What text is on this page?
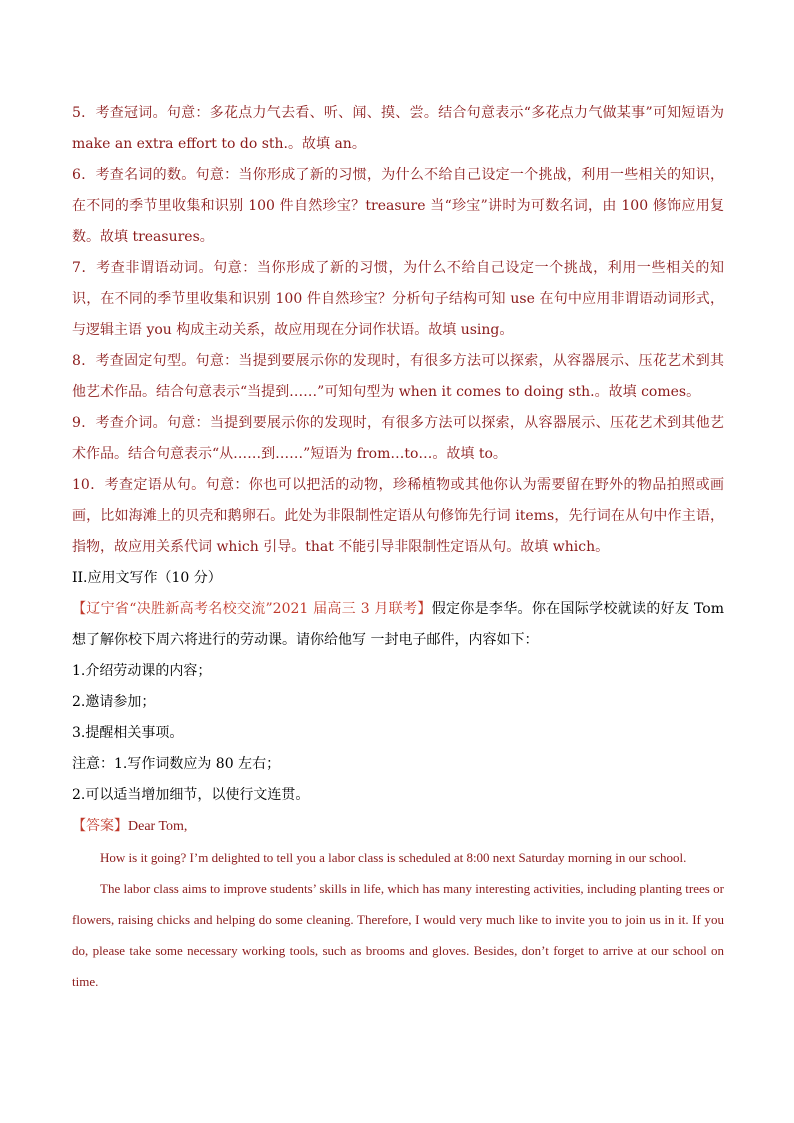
5．考查冠词。句意：多花点力气去看、听、闻、摸、尝。结合句意表示“多花点力气做某事”可知短语为 make an extra effort to do sth.。故填 an。

6．考查名词的数。句意：当你形成了新的习惯，为什么不给自己设定一个挑战，利用一些相关的知识，在不同的季节里收集和识别 100 件自然珍宝？treasure 当“珍宝”讲时为可数名词，由 100 修饰应用复数。故填 treasures。

7．考查非谓语动词。句意：当你形成了新的习惯，为什么不给自己设定一个挑战，利用一些相关的知识，在不同的季节里收集和识别 100 件自然珍宝？分析句子结构可知 use 在句中应用非谓语动词形式，与逻辑主语 you 构成主动关系，故应用现在分词作状语。故填 using。

8．考查固定句型。句意：当提到要展示你的发现时，有很多方法可以探索，从容器展示、压花艺术到其他艺术作品。结合句意表示“当提到……”可知句型为 when it comes to doing sth.。故填 comes。

9．考查介词。句意：当提到要展示你的发现时，有很多方法可以探索，从容器展示、压花艺术到其他艺术作品。结合句意表示“从……到……”短语为 from…to…。故填 to。

10．考查定语从句。句意：你也可以把活的动物，珍稀植物或其他你认为需要留在野外的物品拍照或画画，比如海滩上的贝壳和鹅卵石。此处为非限制性定语从句修饰先行词 items，先行词在从句中作主语，指物，故应用关系代词 which 引导。that 不能引导非限制性定语从句。故填 which。

II.应用文写作（10 分）

【辽宁省“决胜新高考名校交流”2021 届高三 3 月联考】假定你是李华。你在国际学校就读的好友 Tom 想了解你校下周六将进行的劳动课。请你给他写 一封电子邮件，内容如下：

1.介绍劳动课的内容；

2.邀请参加；

3.提醒相关事项。

注意：1.写作词数应为 80 左右；

2.可以适当增加细节，以使行文连贯。

【答案】Dear Tom,

How is it going? I’m delighted to tell you a labor class is scheduled at 8:00 next Saturday morning in our school.

The labor class aims to improve students’ skills in life, which has many interesting activities, including planting trees or flowers, raising chicks and helping do some cleaning. Therefore, I would very much like to invite you to join us in it. If you do, please take some necessary working tools, such as brooms and gloves. Besides, don’t forget to arrive at our school on time.
